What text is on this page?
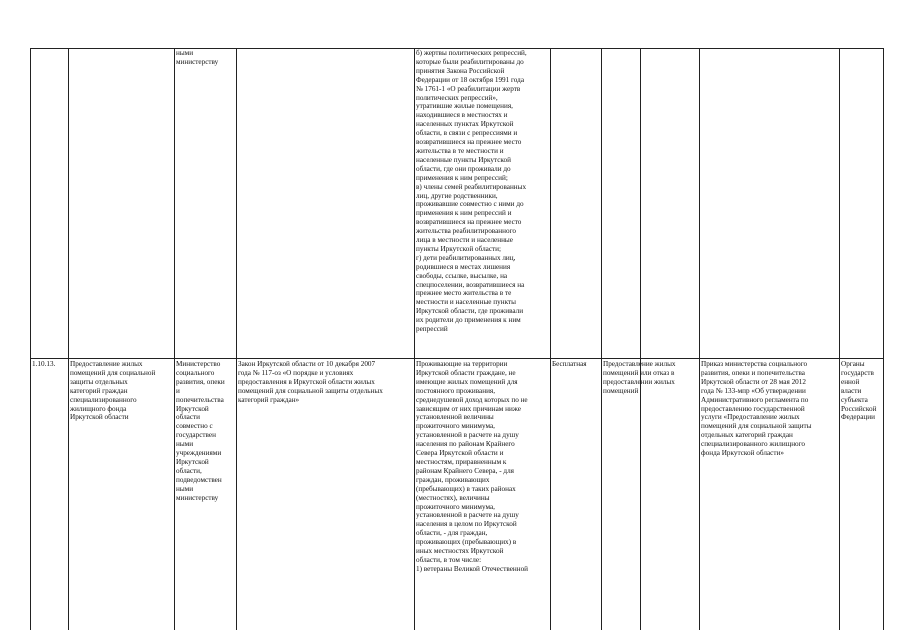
ными
министерству
б) жертвы политических репрессий,
которые были реабилитированы до
принятия Закона Российской
Федерации от 18 октября 1991 года
№ 1761-1 «О реабилитации жертв
политических репрессий»,
утратившие жилые помещения,
находившиеся в местностях и
населенных пунктах Иркутской
области, в связи с репрессиями и
возвратившиеся на прежнее место
жительства в те местности и
населенные пункты Иркутской
области, где они проживали до
применения к ним репрессий;
в) члены семей реабилитированных
лиц, другие родственники,
проживавшие совместно с ними до
применения к ним репрессий и
возвратившиеся на прежнее место
жительства реабилитированного
лица в местности и населенные
пункты Иркутской области;
г) дети реабилитированных лиц,
родившиеся в местах лишения
свободы, ссылке, высылке, на
спецпоселении, возвратившиеся на
прежнее место жительства в те
местности и населенные пункты
Иркутской области, где проживали
их родители до применения к ним
репрессий
1.10.13.	Предоставление жилых
помещений для социальной
защиты отдельных
категорий граждан
специализированного
жилищного фонда
Иркутской области
Министерство
социального
развития, опеки
и
попечительства
Иркутской
области
совместно с
государствен
ными
учреждениями
Иркутской
области,
подведомствен
ными
министерству
Закон Иркутской области от 10 декабря 2007
года № 117-оз «О порядке и условиях
предоставления в Иркутской области жилых
помещений для социальной защиты отдельных
категорий граждан»
Проживающие на территории
Иркутской области граждане, не
имеющие жилых помещений для
постоянного проживания,
среднедушевой доход которых по не
зависящим от них причинам ниже
установленной величины
прожиточного минимума,
установленной в расчете на душу
населения по районам Крайнего
Севера Иркутской области и
местностям, приравненным к
районам Крайнего Севера, - для
граждан, проживающих
(пребывающих) в таких районах
(местностях), величины
прожиточного минимума,
установленной в расчете на душу
населения в целом по Иркутской
области, - для граждан,
проживающих (пребывающих) в
иных местностях Иркутской
области, в том числе:
1) ветераны Великой Отечественной
Бесплатная	Предоставление жилых
помещений или отказ в
предоставлении жилых
помещений
Приказ министерства социального
развития, опеки и попечительства
Иркутской области от 28 мая 2012
года № 133-мпр «Об утверждении
Административного регламента по
предоставлению государственной
услуги «Предоставление жилых
помещений для социальной защиты
отдельных категорий граждан
специализированного жилищного
фонда Иркутской области»
Органы
государств
енной
власти
субъекта
Российской
Федерации
